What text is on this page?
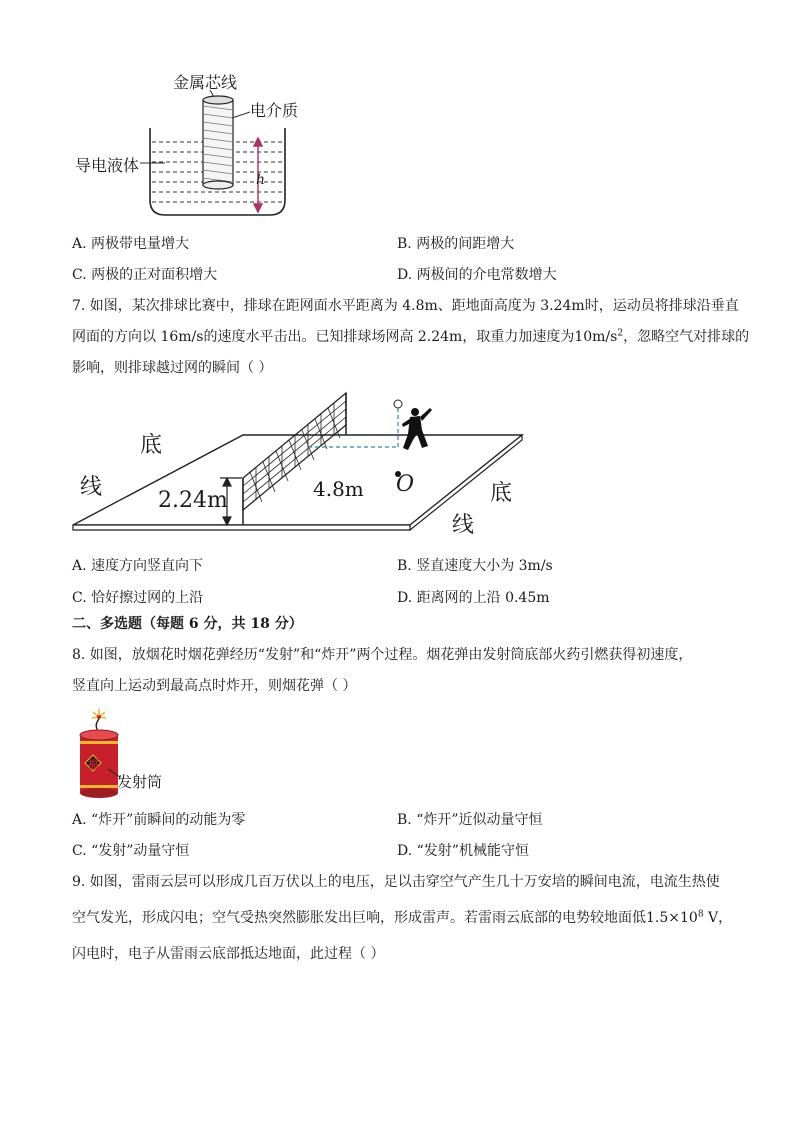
金属芯线
电介质
导电液体
h
A. 两极带电量增大	B. 两极的间距增大
C. 两极的正对面积增大	D. 两极间的介电常数增大
7. 如图，某次排球比赛中，排球在距网面水平距离为 4.8m、距地面高度为 3.24m时，运动员将排球沿垂直
网面的方向以 16m/s的速度水平击出。已知排球场网高 2.24m，取重力加速度为$10m/s^2$，忽略空气对排球的
影响，则排球越过网的瞬间（ ）
底
线
2.24m	4.8m O	底
线
A. 速度方向竖直向下	B. 竖直速度大小为 3m/s
C. 恰好擦过网的上沿	D. 距离网的上沿 0.45m
二、多选题（每题 6 分，共 18 分）
8. 如图，放烟花时烟花弹经历“发射”和“炸开”两个过程。烟花弹由发射筒底部火药引燃获得初速度，
竖直向上运动到最高点时炸开，则烟花弹（ ）
福
发射筒
A. “炸开”前瞬间的动能为零	B. “炸开”近似动量守恒
C. “发射”动量守恒	D. “发射”机械能守恒
9. 如图，雷雨云层可以形成几百万伏以上的电压，足以击穿空气产生几十万安培的瞬间电流，电流生热使
空气发光，形成闪电；空气受热突然膨胀发出巨响，形成雷声。若雷雨云底部的电势较地面低$1.5\times 10^8$ V，
闪电时，电子从雷雨云底部抵达地面，此过程（ ）
